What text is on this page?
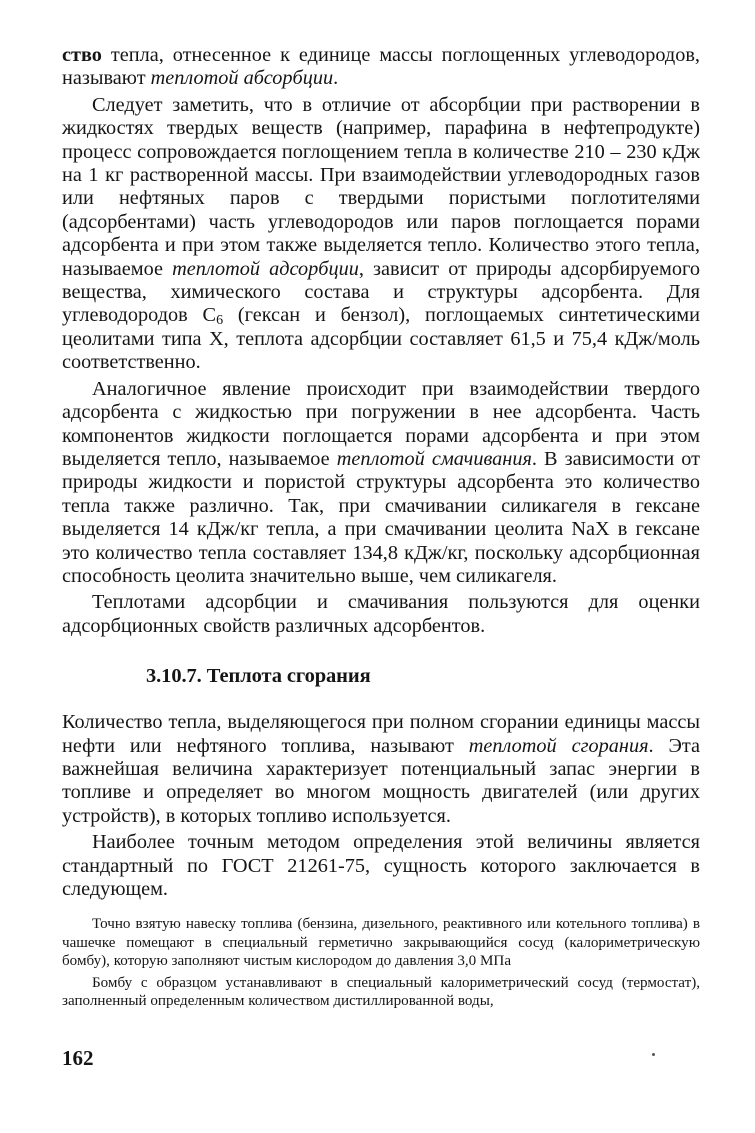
ство тепла, отнесенное к единице массы поглощенных углеводородов, называют теплотой абсорбции.

Следует заметить, что в отличие от абсорбции при растворении в жидкостях твердых веществ (например, парафина в нефтепродукте) процесс сопровождается поглощением тепла в количестве 210 – 230 кДж на 1 кг растворенной массы. При взаимодействии углеводородных газов или нефтяных паров с твердыми пористыми поглотителями (адсорбентами) часть углеводородов или паров поглощается порами адсорбента и при этом также выделяется тепло. Количество этого тепла, называемое теплотой адсорбции, зависит от природы адсорбируемого вещества, химического состава и структуры адсорбента. Для углеводородов $С_6$ (гексан и бензол), поглощаемых синтетическими цеолитами типа X, теплота адсорбции составляет 61,5 и 75,4 кДж/моль соответственно.

Аналогичное явление происходит при взаимодействии твердого адсорбента с жидкостью при погружении в нее адсорбента. Часть компонентов жидкости поглощается порами адсорбента и при этом выделяется тепло, называемое теплотой смачивания. В зависимости от природы жидкости и пористой структуры адсорбента это количество тепла также различно. Так, при смачивании силикагеля в гексане выделяется 14 кДж/кг тепла, а при смачивании цеолита NaX в гексане это количество тепла составляет 134,8 кДж/кг, поскольку адсорбционная способность цеолита значительно выше, чем силикагеля.

Теплотами адсорбции и смачивания пользуются для оценки адсорбционных свойств различных адсорбентов.

3.10.7. Теплота сгорания

Количество тепла, выделяющегося при полном сгорании единицы массы нефти или нефтяного топлива, называют теплотой сгорания. Эта важнейшая величина характеризует потенциальный запас энергии в топливе и определяет во многом мощность двигателей (или других устройств), в которых топливо используется.

Наиболее точным методом определения этой величины является стандартный по ГОСТ 21261-75, сущность которого заключается в следующем.

Точно взятую навеску топлива (бензина, дизельного, реактивного или котельного топлива) в чашечке помещают в специальный герметично закрывающийся сосуд (калориметрическую бомбу), которую заполняют чистым кислородом до давления 3,0 МПа

Бомбу с образцом устанавливают в специальный калориметрический сосуд (термостат), заполненный определенным количеством дистиллированной воды,

162
